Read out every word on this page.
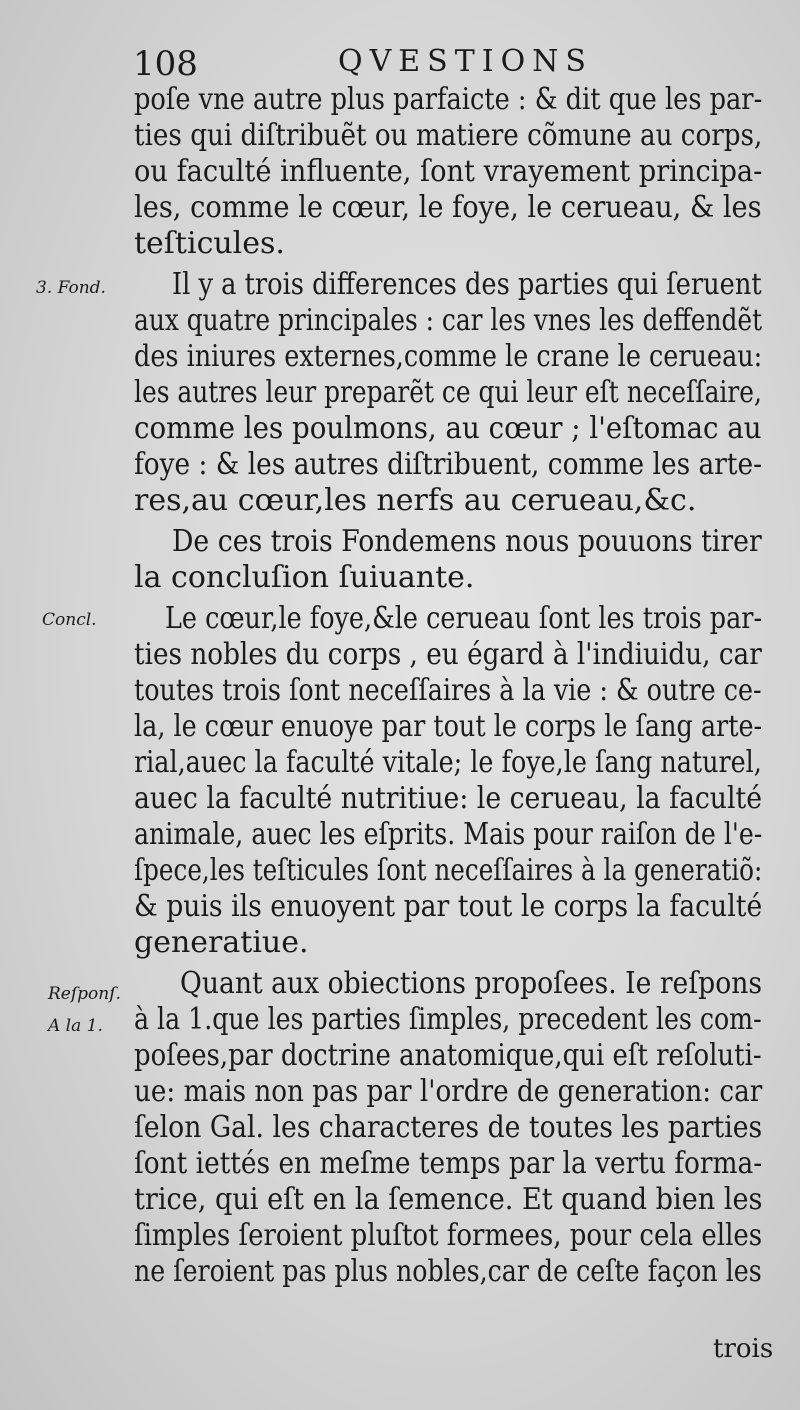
108	QVESTIONS
poſe vne autre plus parfaicte : & dit que les par-
ties qui diſtribuẽt ou matiere cõmune au corps,
ou faculté influente, ſont vrayement principa-
les, comme le cœur, le foye, le cerueau, & les
teſticules.
Il y a trois differences des parties qui ſeruent
aux quatre principales : car les vnes les deffendẽt
des iniures externes,comme le crane le cerueau:
les autres leur preparẽt ce qui leur eſt neceſſaire,
comme les poulmons, au cœur ; l'eſtomac au
foye : & les autres diſtribuent, comme les arte-
res,au cœur,les nerfs au cerueau,&c.
De ces trois Fondemens nous pouuons tirer
la concluſion ſuiuante.
Le cœur,le foye,&le cerueau ſont les trois par-
ties nobles du corps , eu égard à l'indiuidu, car
toutes trois ſont neceſſaires à la vie : & outre ce-
la, le cœur enuoye par tout le corps le ſang arte-
rial,auec la faculté vitale; le foye,le ſang naturel,
auec la faculté nutritiue: le cerueau, la faculté
animale, auec les eſprits. Mais pour raiſon de l'e-
ſpece,les teſticules ſont neceſſaires à la generatiõ:
& puis ils enuoyent par tout le corps la faculté
generatiue.
Quant aux obiections propoſees. Ie reſpons
à la 1.que les parties ſimples, precedent les com-
poſees,par doctrine anatomique,qui eſt reſoluti-
ue: mais non pas par l'ordre de generation: car
ſelon Gal. les characteres de toutes les parties
ſont iettés en meſme temps par la vertu forma-
trice, qui eſt en la ſemence. Et quand bien les
ſimples ſeroient pluſtot formees, pour cela elles
ne ſeroient pas plus nobles,car de ceſte façon les
3. Fond.
Concl.
Reſponſ.
A la 1.
trois
